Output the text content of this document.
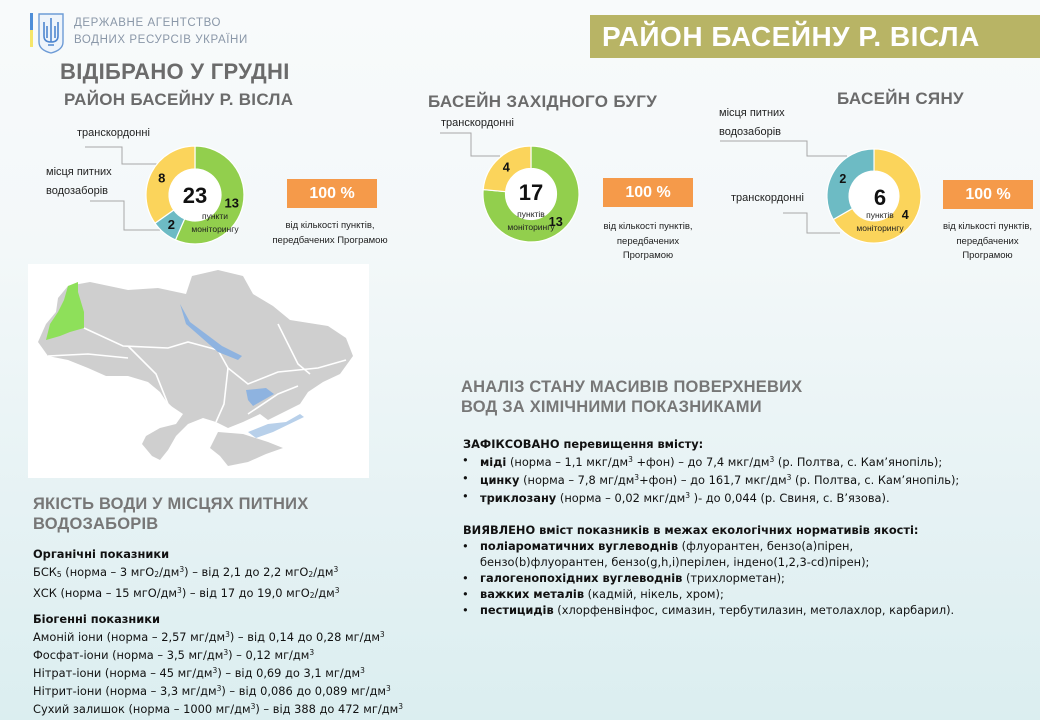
ДЕРЖАВНЕ АГЕНТСТВО
ВОДНИХ РЕСУРСІВ УКРАЇНИ
ВІДІБРАНО У ГРУДНІ
РАЙОН БАСЕЙНУ Р. ВІСЛА
РАЙОН БАСЕЙНУ Р. ВІСЛА
транскордонні
місця питних
водозаборів
13
2
8
23
пункти
моніторингу
100 %
від кількості пунктів,
передбачених Програмою
БАСЕЙН ЗАХІДНОГО БУГУ
транскордонні
13
4
17
пунктів
моніторингу
100 %
від кількості пунктів,
передбачених
Програмою
БАСЕЙН СЯНУ
місця питних
водозаборів
транскордонні
4
2
6
пунктів
моніторингу
100 %
від кількості пунктів,
передбачених
Програмою
ЯКІСТЬ ВОДИ У МІСЦЯХ ПИТНИХ
ВОДОЗАБОРІВ
Органічні показники
$БСК_5$ (норма – 3 $мгО_2/дм^3$) – від 2,1 до 2,2 $мгО_2/дм^3$
ХСК (норма – 15 мгО/$дм^3$) – від 17 до 19,0 $мгО_2/дм^3$
Біогенні показники
Амоній іони (норма – 2,57 $мг/дм^3$) – від 0,14 до 0,28 $мг/дм^3$
Фосфат-іони (норма – 3,5 $мг/дм^3) - 0,12$ $мг/дм^3$
Нітрат-іони (норма – 45 $мг/дм^3$) – від 0,69 до 3,1 $мг/дм^3$
Нітрит-іони (норма – 3,3 $мг/дм^3$) – від 0,086 до 0,089 $мг/дм^3$
Сухий залишок (норма – 1000 $мг/дм^3$) – від 388 до 472 $мг/дм^3$
АНАЛІЗ СТАНУ МАСИВІВ ПОВЕРХНЕВИХ
ВОД ЗА ХІМІЧНИМИ ПОКАЗНИКАМИ
ЗАФІКСОВАНО перевищення вмісту:
• міді (норма – 1,1 мкг/$дм^3 +фон$) – до 7,4 мкг/$дм^3$ (р. Полтва, с. Кам’янопіль);
• цинку (норма – 7,8 $мг/дм^3+фон$) – до 161,7 мкг/$дм^3$ (р. Полтва, с. Кам’янопіль);
• триклозану (норма – 0,02 мкг/$дм^3$ )- до 0,044 (р. Свиня, с. В’язова).
ВИЯВЛЕНО вміст показників в межах екологічних нормативів якості:
• поліароматичних вуглеводнів (флуорантен, бензо(а)пірен,
бензо(b)флуорантен, бензо(g,h,i)перілен, індено(1,2,3-cd)пірен);
• галогенопохідних вуглеводнів (трихлорметан);
• важких металів (кадмій, нікель, хром);
• пестицидів (хлорфенвінфос, симазин, тербутилазин, метолахлор, карбарил).
